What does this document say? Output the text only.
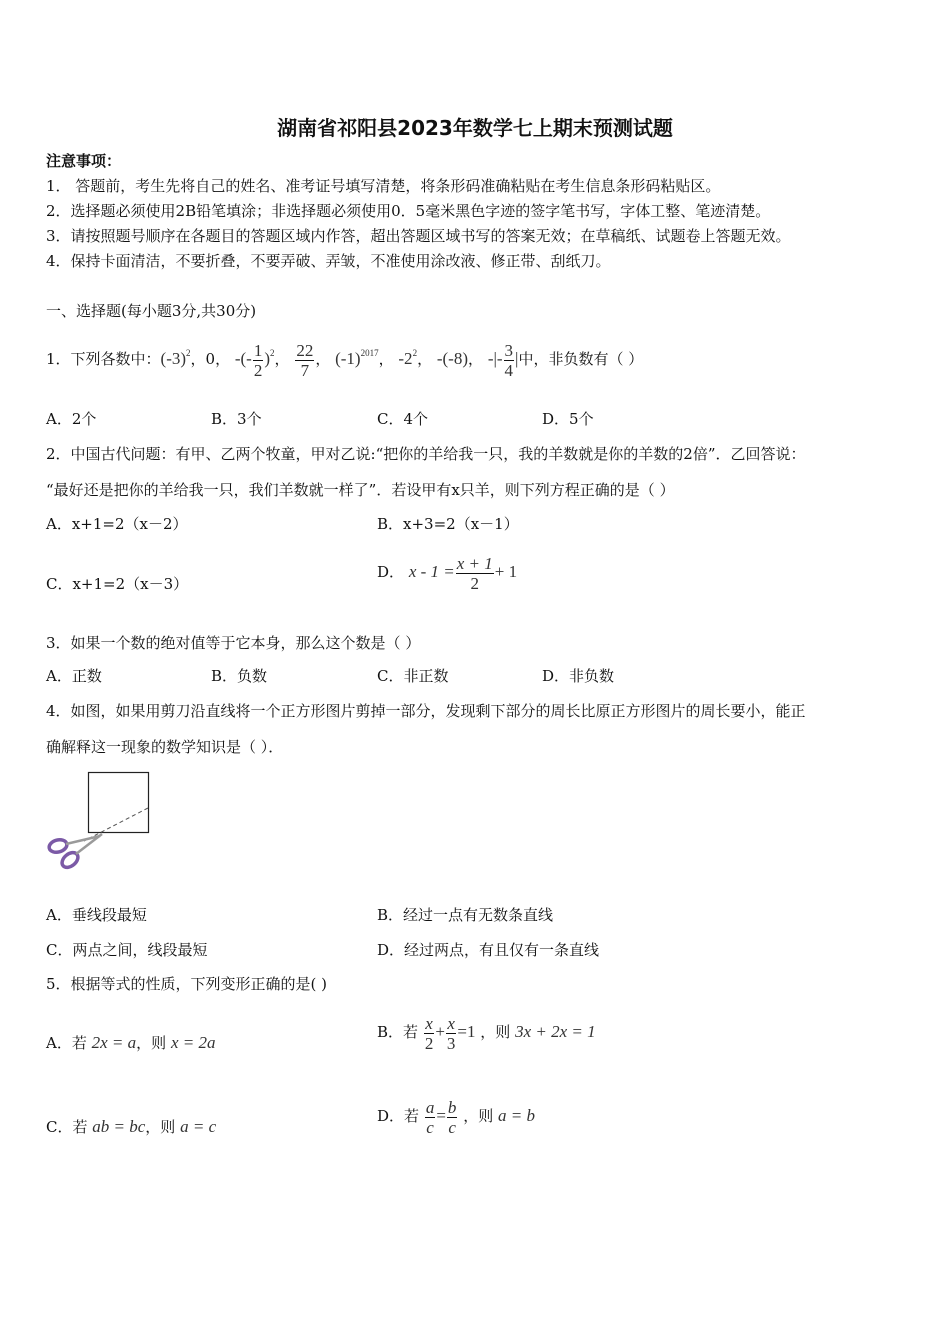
湖南省祁阳县2023年数学七上期末预测试题
注意事项：
1． 答题前，考生先将自己的姓名、准考证号填写清楚，将条形码准确粘贴在考生信息条形码粘贴区。
2．选择题必须使用2B铅笔填涂；非选择题必须使用0．5毫米黑色字迹的签字笔书写，字体工整、笔迹清楚。
3．请按照题号顺序在各题目的答题区域内作答，超出答题区域书写的答案无效；在草稿纸、试题卷上答题无效。
4．保持卡面清洁，不要折叠，不要弄破、弄皱，不准使用涂改液、修正带、刮纸刀。
一、选择题(每小题3分,共30分)
1．下列各数中：$(-3)^2$，0， -(- $\frac{1}{2} )^2$， $\frac{22}{7}$ ， $(-1)^{2017}$， $-2^2$， -(-8)， -|- $\frac{3}{4}$ |中，非负数有（ ）
A．2个	B．3个	C．4个	D．5个
2．中国古代问题：有甲、乙两个牧童，甲对乙说:“把你的羊给我一只，我的羊数就是你的羊数的2倍”．乙回答说：
“最好还是把你的羊给我一只，我们羊数就一样了”．若设甲有x只羊，则下列方程正确的是（ ）
A．x+1=2（x－2）	B．x+3=2（x－1）
C．x+1=2（x－3）
D． $x - 1 = \frac{x + 1}{2} + 1$
3．如果一个数的绝对值等于它本身，那么这个数是（ ）
A．正数	B．负数	C．非正数	D．非负数
4．如图，如果用剪刀沿直线将一个正方形图片剪掉一部分，发现剩下部分的周长比原正方形图片的周长要小，能正
确解释这一现象的数学知识是（ ）．
A．垂线段最短	B．经过一点有无数条直线
C．两点之间，线段最短	D．经过两点，有且仅有一条直线
5．根据等式的性质，下列变形正确的是( )
A．若 2x = a，则 x = 2a
B．若 $\frac{x}{2} + \frac{x}{3} =1$ ，则 3x + 2x = 1
C．若 ab = bc，则 a = c
D．若 $\frac{a}{c} = \frac{b}{c}$ ，则 a = b
